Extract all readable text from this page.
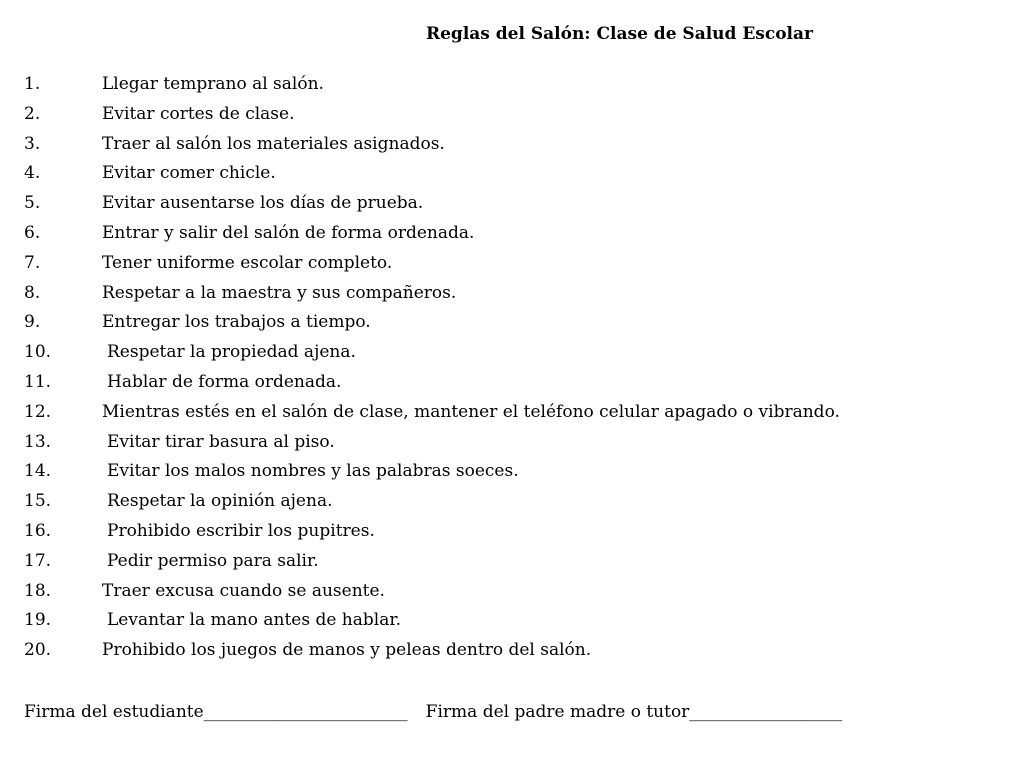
Reglas del Salón: Clase de Salud Escolar
1.	Llegar temprano al salón.
2.	Evitar cortes de clase.
3.	Traer al salón los materiales asignados.
4.	Evitar comer chicle.
5.	Evitar ausentarse los días de prueba.
6.	Entrar y salir del salón de forma ordenada.
7.	Tener uniforme escolar completo.
8.	Respetar a la maestra y sus compañeros.
9.	Entregar los trabajos a tiempo.
10.	Respetar la propiedad ajena.
11.	Hablar de forma ordenada.
12.	Mientras estés en el salón de clase, mantener el teléfono celular apagado o vibrando.
13.	Evitar tirar basura al piso.
14.	Evitar los malos nombres y las palabras soeces.
15.	Respetar la opinión ajena.
16.	Prohibido escribir los pupitres.
17.	Pedir permiso para salir.
18.	Traer excusa cuando se ausente.
19.	Levantar la mano antes de hablar.
20.	Prohibido los juegos de manos y peleas dentro del salón.
Firma del estudiante________________________ Firma del padre madre o tutor__________________
